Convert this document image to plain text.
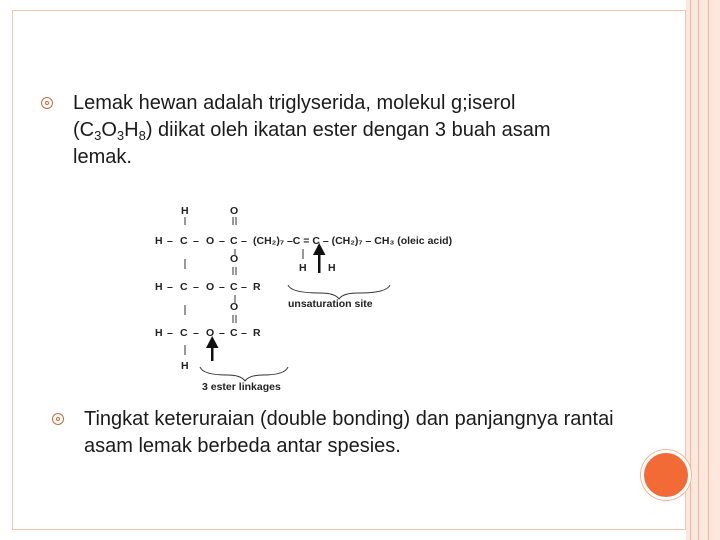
Lemak hewan adalah triglyserida, molekul g;iserol
$(C_3O_3H_8)$ diikat oleh ikatan ester dengan 3 buah asam lemak.
H	O
H – C – O – C – (CH₂)₇ –C = C – (CH₂)₇ – CH₃ (oleic acid)
O
H H
H – C – O – C – R
O	unsaturation site
H – C – O – C – R
H
3 ester linkages
Tingkat keteruraian (double bonding) dan panjangnya rantai asam lemak berbeda antar spesies.
